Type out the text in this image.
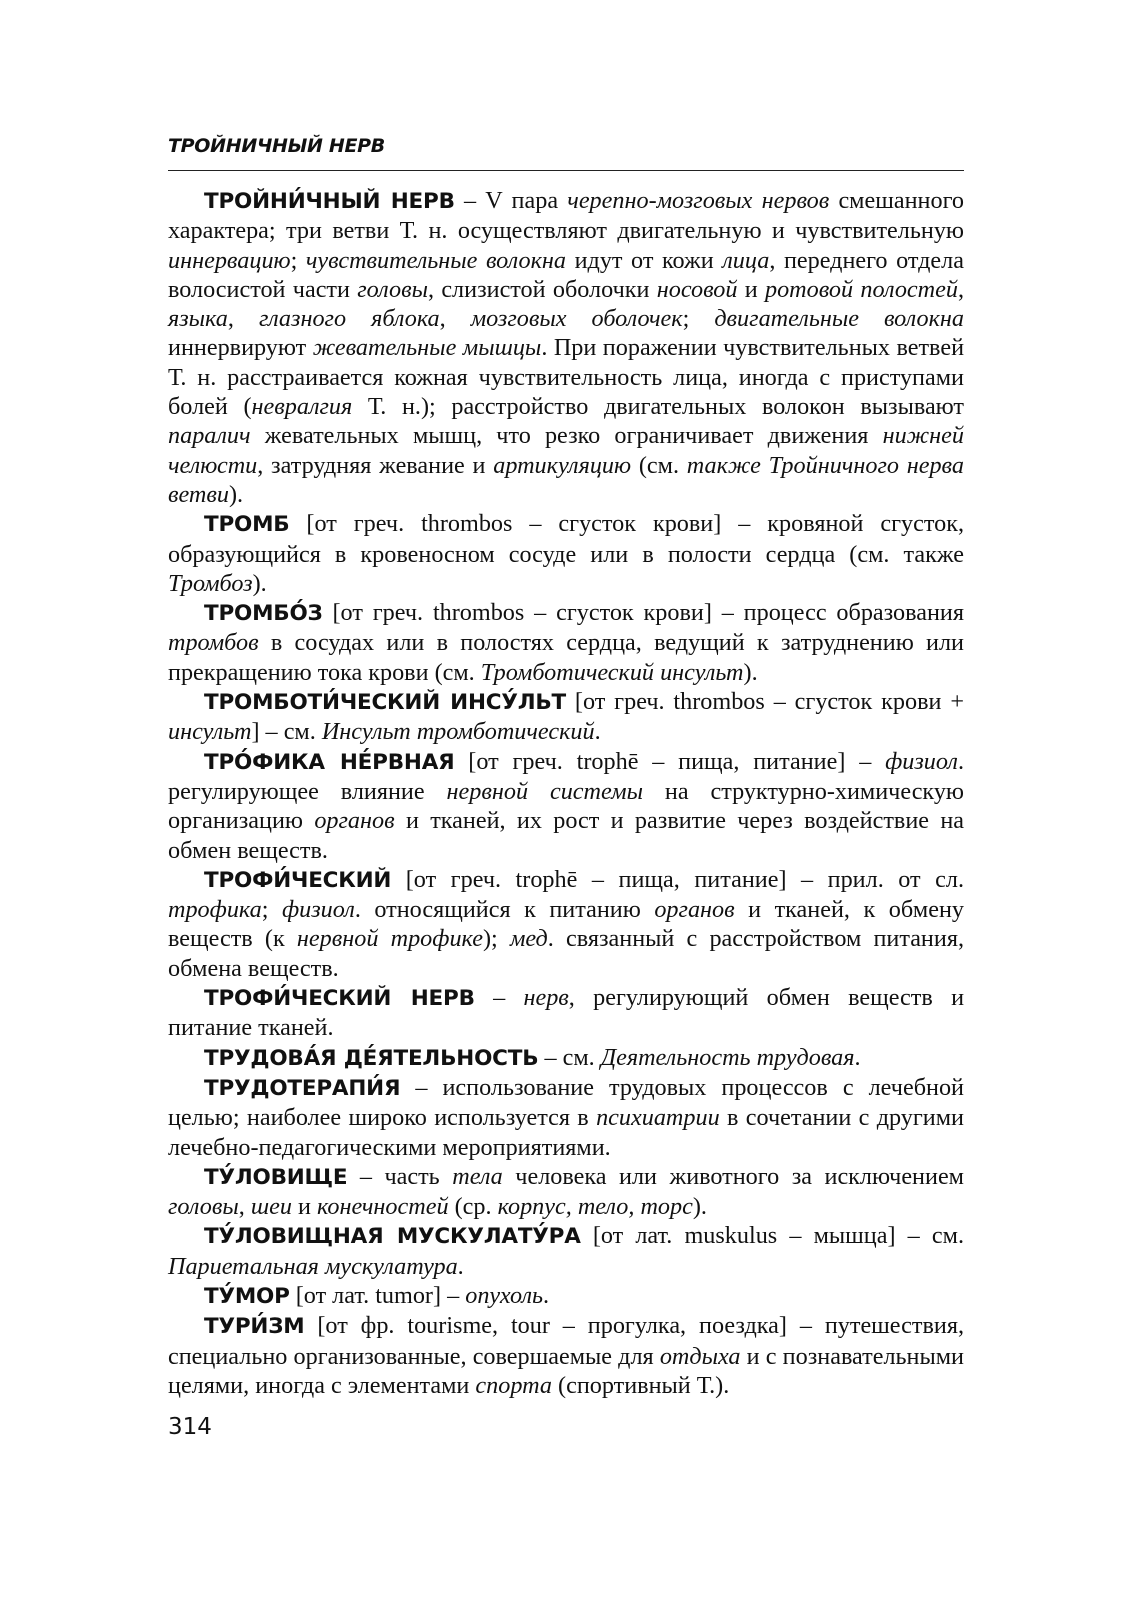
ТРОЙНИЧНЫЙ НЕРВ

ТРОЙНИ́ЧНЫЙ НЕРВ – V пара черепно-мозговых нервов смешанного характера; три ветви Т. н. осуществляют двигательную и чувствительную иннервацию; чувствительные волокна идут от кожи лица, переднего отдела волосистой части головы, слизистой оболочки носовой и ротовой полостей, языка, глазного яблока, мозговых оболочек; двигательные волокна иннервируют жевательные мышцы. При поражении чувствительных ветвей Т. н. расстраивается кожная чувствительность лица, иногда с приступами болей (невралгия Т. н.); расстройство двигательных волокон вызывают паралич жевательных мышц, что резко ограничивает движения нижней челюсти, затрудняя жевание и артикуляцию (см. также Тройничного нерва ветви).

ТРОМБ [от греч. thrombos – сгусток крови] – кровяной сгусток, образующийся в кровеносном сосуде или в полости сердца (см. также Тромбоз).

ТРОМБО́З [от греч. thrombos – сгусток крови] – процесс образования тромбов в сосудах или в полостях сердца, ведущий к затруднению или прекращению тока крови (см. Тромботический инсульт).

ТРОМБОТИ́ЧЕСКИЙ ИНСУ́ЛЬТ [от греч. thrombos – сгусток крови + инсульт] – см. Инсульт тромботический.

ТРО́ФИКА НЕ́РВНАЯ [от греч. trophē – пища, питание] – физиол. регулирующее влияние нервной системы на структурно-химическую организацию органов и тканей, их рост и развитие через воздействие на обмен веществ.

ТРОФИ́ЧЕСКИЙ [от греч. trophē – пища, питание] – прил. от сл. трофика; физиол. относящийся к питанию органов и тканей, к обмену веществ (к нервной трофике); мед. связанный с расстройством питания, обмена веществ.

ТРОФИ́ЧЕСКИЙ НЕРВ – нерв, регулирующий обмен веществ и питание тканей.

ТРУДОВА́Я ДЕ́ЯТЕЛЬНОСТЬ – см. Деятельность трудовая.

ТРУДОТЕРАПИ́Я – использование трудовых процессов с лечебной целью; наиболее широко используется в психиатрии в сочетании с другими лечебно-педагогическими мероприятиями.

ТУ́ЛОВИЩЕ – часть тела человека или животного за исключением головы, шеи и конечностей (ср. корпус, тело, торс).

ТУ́ЛОВИЩНАЯ МУСКУЛАТУ́РА [от лат. muskulus – мышца] – см. Париетальная мускулатура.

ТУ́МОР [от лат. tumor] – опухоль.

ТУРИ́ЗМ [от фр. tourisme, tour – прогулка, поездка] – путешествия, специально организованные, совершаемые для отдыха и с познавательными целями, иногда с элементами спорта (спортивный Т.).

314
